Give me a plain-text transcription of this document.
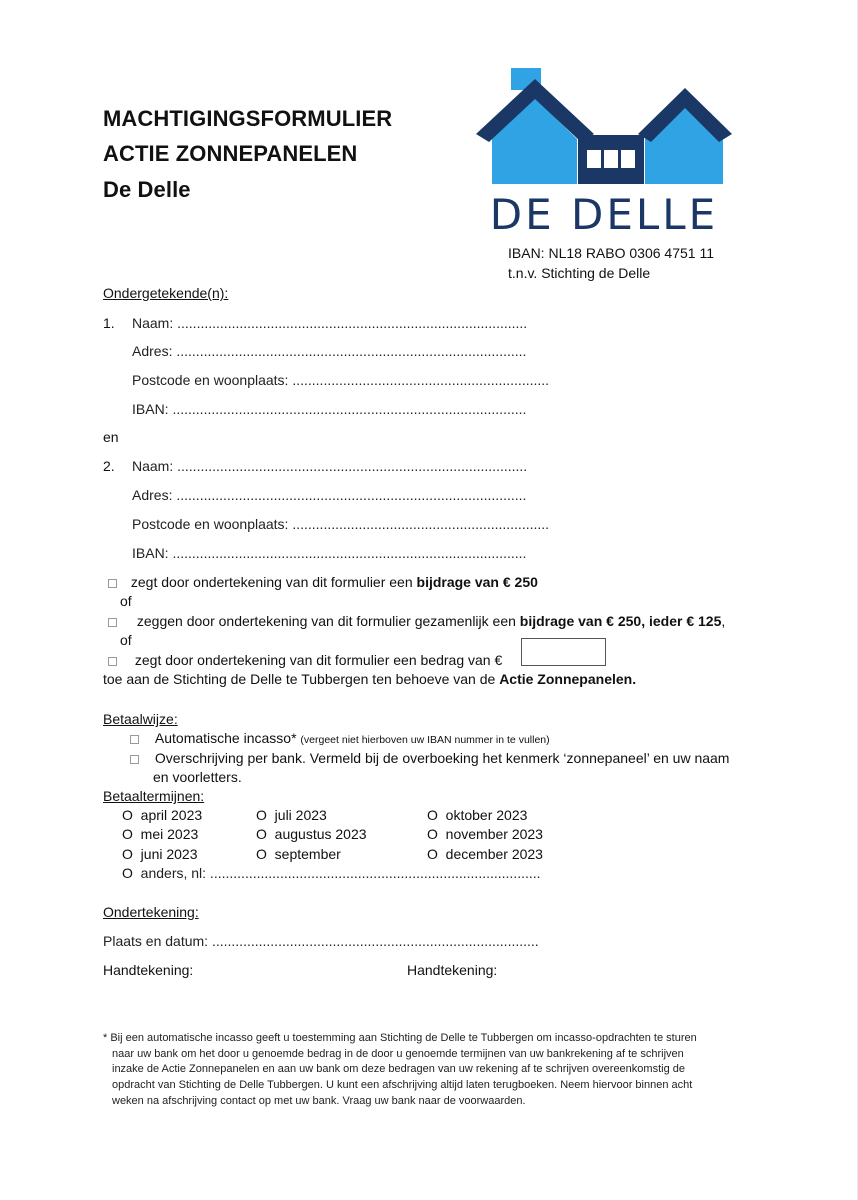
MACHTIGINGSFORMULIER
ACTIE ZONNEPANELEN
De Delle
DE DELLE
IBAN: NL18 RABO 0306 4751 11
t.n.v. Stichting de Delle
Ondergetekende(n):
1. Naam: ..........................................................................................
Adres: ..........................................................................................
Postcode en woonplaats: ..................................................................
IBAN: ...........................................................................................
en
2. Naam: ..........................................................................................
Adres: ..........................................................................................
Postcode en woonplaats: ..................................................................
IBAN: ...........................................................................................
zegt door ondertekening van dit formulier een bijdrage van € 250
of
zeggen door ondertekening van dit formulier gezamenlijk een bijdrage van € 250, ieder € 125,
of
zegt door ondertekening van dit formulier een bedrag van €
toe aan de Stichting de Delle te Tubbergen ten behoeve van de Actie Zonnepanelen.
Betaalwijze:
Automatische incasso* (vergeet niet hierboven uw IBAN nummer in te vullen)
Overschrijving per bank. Vermeld bij de overboeking het kenmerk ‘zonnepaneel’ en uw naam
en voorletters.
Betaaltermijnen:
O april 2023
O mei 2023
O juni 2023
O anders, nl: .....................................................................................
O juli 2023
O augustus 2023
O september
O oktober 2023
O november 2023
O december 2023
Ondertekening:
Plaats en datum: ....................................................................................
Handtekening:	Handtekening:
* Bij een automatische incasso geeft u toestemming aan Stichting de Delle te Tubbergen om incasso-opdrachten te sturen
naar uw bank om het door u genoemde bedrag in de door u genoemde termijnen van uw bankrekening af te schrijven
inzake de Actie Zonnepanelen en aan uw bank om deze bedragen van uw rekening af te schrijven overeenkomstig de
opdracht van Stichting de Delle Tubbergen. U kunt een afschrijving altijd laten terugboeken. Neem hiervoor binnen acht
weken na afschrijving contact op met uw bank. Vraag uw bank naar de voorwaarden.
